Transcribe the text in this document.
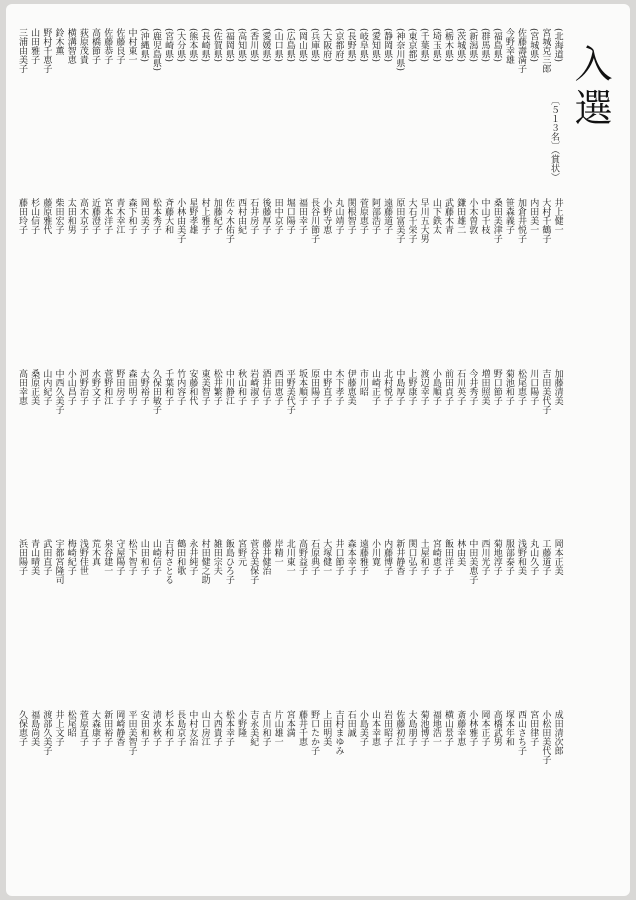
入選
〔５１３名〕（賞状）
(北海道)
宮城克三郎
(宮城県)
佐藤壽満子
今野幸雄
(福島県)
(群馬県)
(新潟県)
(茨城県)
(栃木県)
(埼玉県)
(千葉県)
(東京都)
(神奈川県)
(静岡県)
(愛知県)
(岐阜県)
(長野県)
(京都府)
(大阪府)
(兵庫県)
(岡山県)
(広島県)
(山口県)
(愛媛県)
(香川県)
(高知県)
(福岡県)
(佐賀県)
(長崎県)
(熊本県)
(大分県)
(宮崎県)
(鹿児島県)
(沖縄県)
中村東一
佐藤良子
佐藤恭子
高橋節子
荻原茂貴
横溝智恵
鈴木薫
野村千恵子
山田雅子
三浦由美子
井上健一
大村千鶴子
内田美一
加倉井悦子
笹森義子
桑田美津子
中山千枝
小木曽敦
鎌田雄二
武藤木青
山下鉄太
早川五大男
大石千栄子
原田富美子
遠藤道子
阿部浩子
菅原恵子
関根智子
丸山靖子
小野寺恵
長谷川節子
福田幸子
堀口陽子
田中京子
後藤厚子
石井房子
西村由紀
佐々木佑子
加藤紀子
村上雅子
星野孝雄
小林由美子
斉藤大和
松本秀子
岡田美子
森下和子
青木幸江
宮本洋子
近藤澄子
高木京子
太田和男
柴田宏子
藤原雅代
杉山信子
藤田玲子
加藤清美
吉田美代子
川口陽子
松尾恵子
菊池和子
野口節子
増田照美
今井秀子
石川英子
前田貞子
小島順子
渡辺幸子
上野康子
中島厚子
北村悦子
山崎正子
市川昭
伊藤恵美
木下孝子
中野直子
原田陽子
坂本順子
平野美代子
西田恵子
酒井信子
岩崎淑子
秋山和子
中川静江
松井繁子
東美智子
安藤和代
竹内容子
千葉和子
久保田敏子
大野裕子
森田明子
野田房子
菅野和江
水野文子
河野治子
小山昌子
中西久美子
山内紀子
桑原正美
高田幸恵
岡本正美
工藤道子
丸山久子
浅野和美
服部泰子
菊地淳子
西川光子
中田美恵子
林由美
飯田洋子
宮崎恵子
土屋和子
関口弘子
新井静香
内藤博子
小川寛
遠藤雅子
森本幸子
井口節子
大塚健一
石原典子
高野益子
北川東一
岸精一
藤井健治
菅谷美保子
宮野元
飯島ひろ子
雑田宗夫
村田健之助
永井純子
鶴田和歌
吉村さとる
山崎信子
山田和子
松下智子
守屋陽子
泉谷建一
荒木真
浅野佳世
梅崎紀子
宇都宮隆司
武田直子
青山晴美
浜田陽子
成田清次郎
小松田美代子
宮田律子
西山さち子
塚本年和
高橋武男
岡本正子
小林雅子
斎藤幸恵
横山景子
福地浩一
菊池博子
大島朋子
佐藤初江
岩田昭子
山本幸恵
小島美子
石田誠
吉村まゆみ
上田明美
野口たか子
藤井千恵
宮本満
片山雄一
古川和子
吉永美紀
小野隆
松本幸子
大西貴子
山口房江
中村友治
長島京子
杉本和子
清水秋子
安田和子
平田美智子
岡崎静香
新田裕子
大森康子
菅原直子
松尾昭
井上文子
渡部久美子
福島尚美
久保恵子
